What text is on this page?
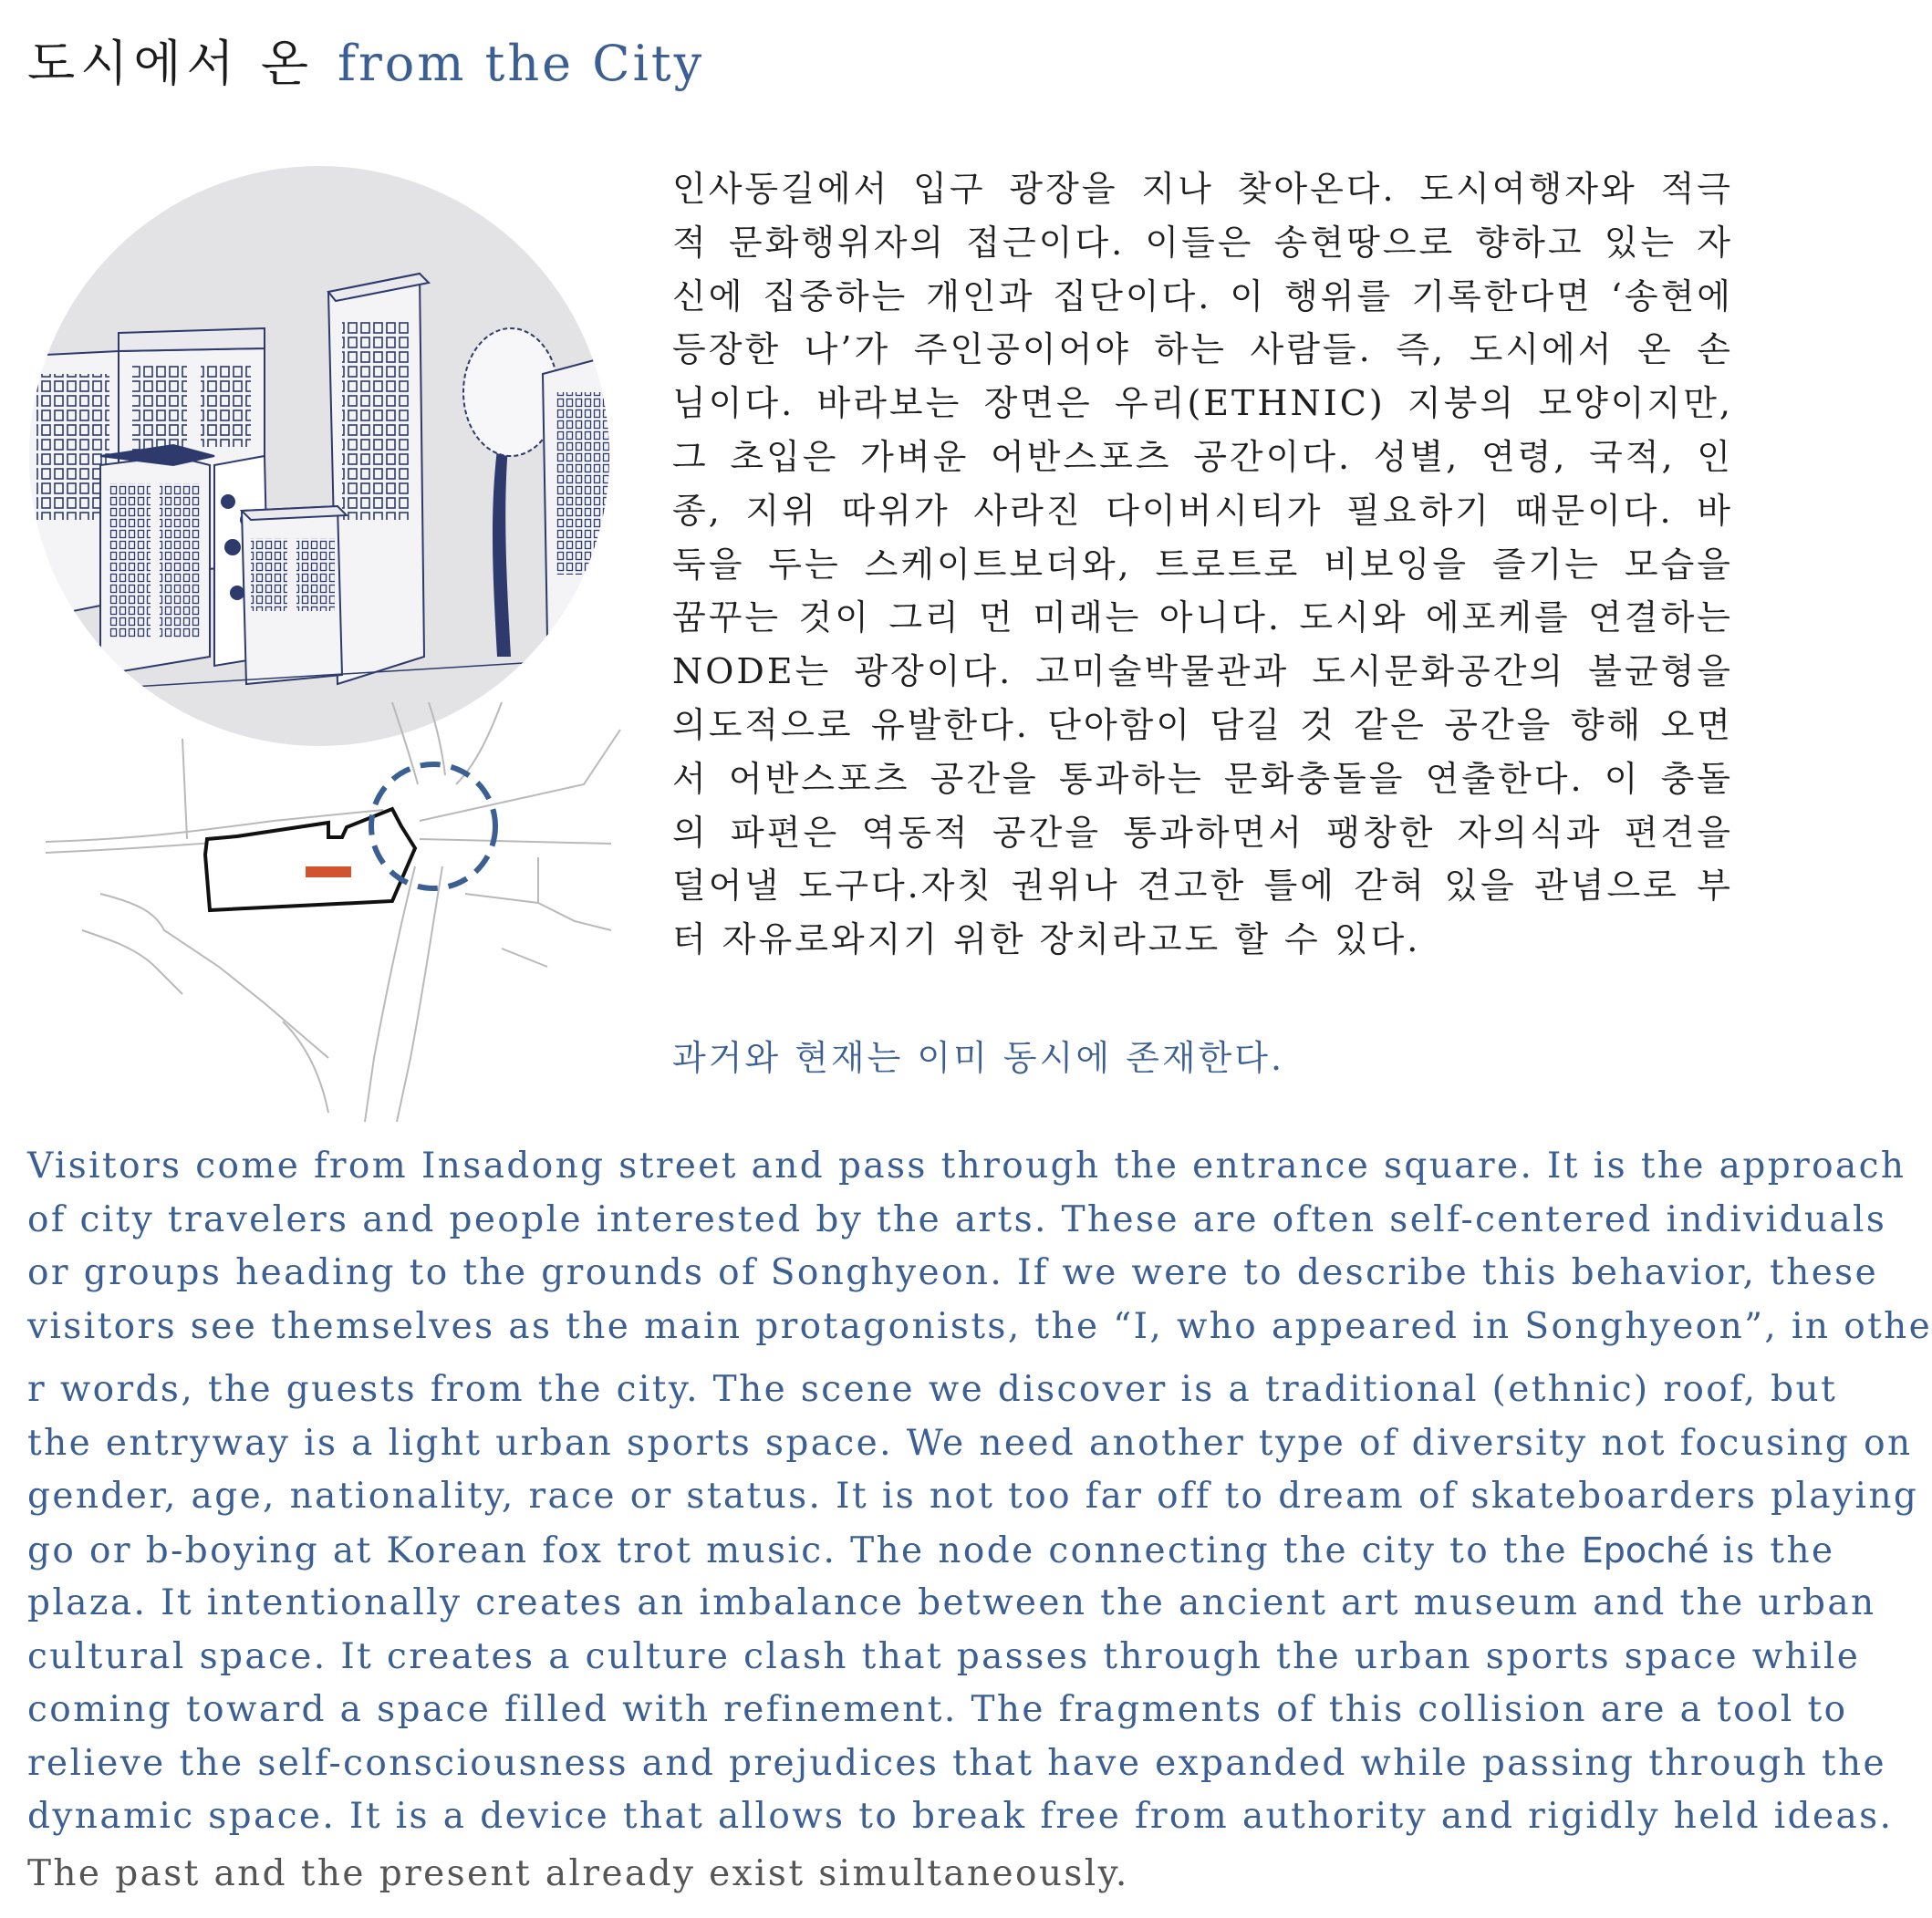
도시에서 온 from the City
인사동길에서 입구 광장을 지나 찾아온다. 도시여행자와 적극
적 문화행위자의 접근이다. 이들은 송현땅으로 향하고 있는 자
신에 집중하는 개인과 집단이다. 이 행위를 기록한다면 ‘송현에
등장한 나’가 주인공이어야 하는 사람들. 즉, 도시에서 온 손
님이다. 바라보는 장면은 우리(ETHNIC) 지붕의 모양이지만,
그 초입은 가벼운 어반스포츠 공간이다. 성별, 연령, 국적, 인
종, 지위 따위가 사라진 다이버시티가 필요하기 때문이다. 바
둑을 두는 스케이트보더와, 트로트로 비보잉을 즐기는 모습을
꿈꾸는 것이 그리 먼 미래는 아니다. 도시와 에포케를 연결하는
NODE는 광장이다. 고미술박물관과 도시문화공간의 불균형을
의도적으로 유발한다. 단아함이 담길 것 같은 공간을 향해 오면
서 어반스포츠 공간을 통과하는 문화충돌을 연출한다. 이 충돌
의 파편은 역동적 공간을 통과하면서 팽창한 자의식과 편견을
덜어낼 도구다.자칫 권위나 견고한 틀에 갇혀 있을 관념으로 부
터 자유로와지기 위한 장치라고도 할 수 있다.
과거와 현재는 이미 동시에 존재한다.
Visitors come from Insadong street and pass through the entrance square. It is the approach
of city travelers and people interested by the arts. These are often self-centered individuals
or groups heading to the grounds of Songhyeon. If we were to describe this behavior, these
visitors see themselves as the main protagonists, the “I, who appeared in Songhyeon”, in othe
r words, the guests from the city. The scene we discover is a traditional (ethnic) roof, but
the entryway is a light urban sports space. We need another type of diversity not focusing on
gender, age, nationality, race or status. It is not too far off to dream of skateboarders playing
go or b-boying at Korean fox trot music. The node connecting the city to the Epoché is the
plaza. It intentionally creates an imbalance between the ancient art museum and the urban
cultural space. It creates a culture clash that passes through the urban sports space while
coming toward a space filled with refinement. The fragments of this collision are a tool to
relieve the self-consciousness and prejudices that have expanded while passing through the
dynamic space. It is a device that allows to break free from authority and rigidly held ideas.
The past and the present already exist simultaneously.
